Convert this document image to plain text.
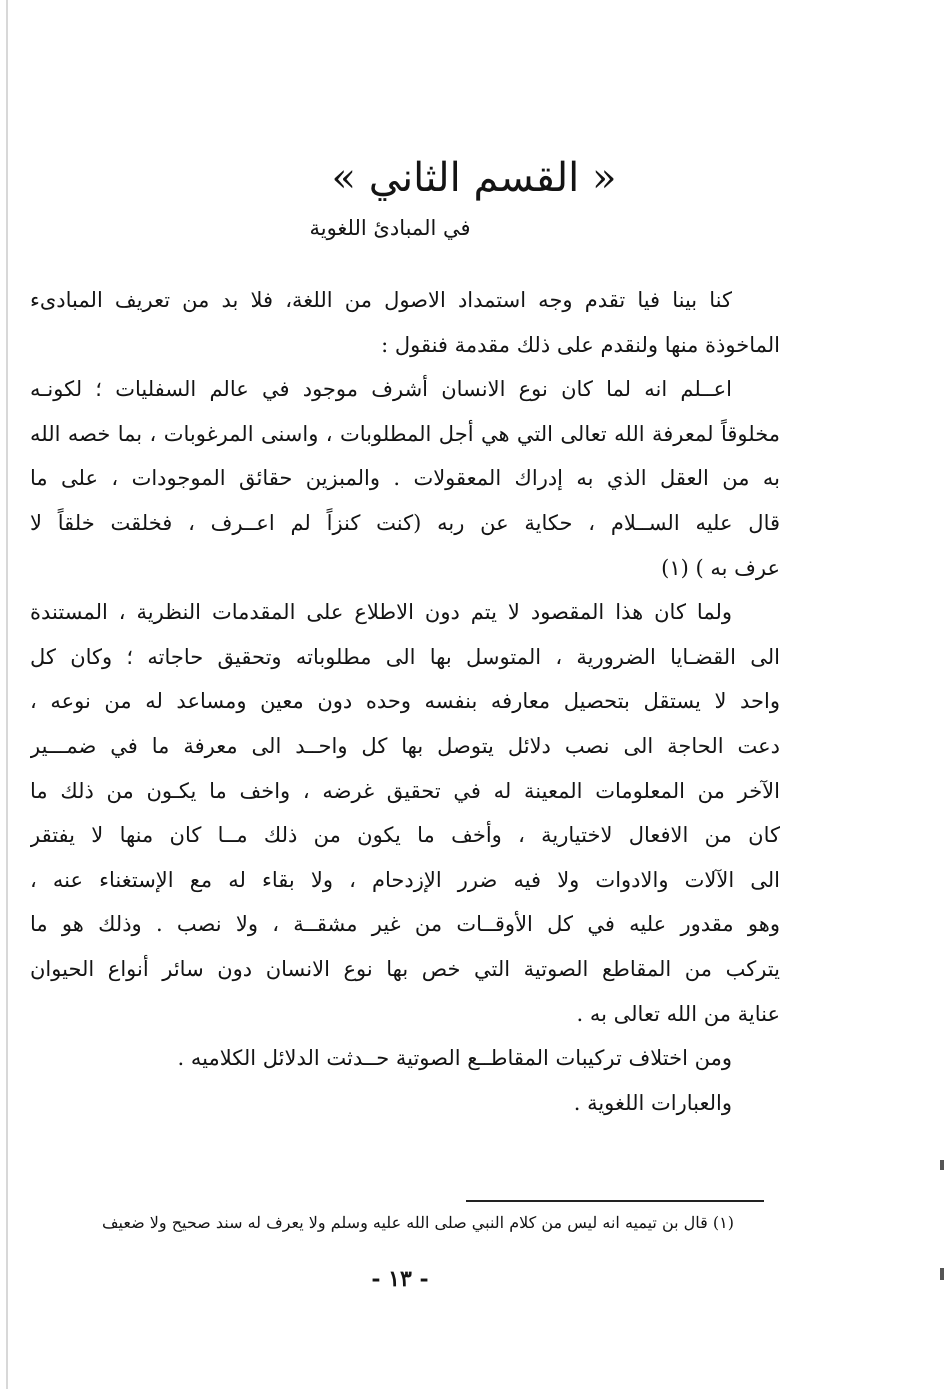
« القسم الثاني »
في المبادئ اللغوية
كنا بينا فيا تقدم وجه استمداد الاصول من اللغة، فلا بد من تعريف المبادىء
الماخوذة منها ولنقدم على ذلك مقدمة فنقول :
اعــلم انه لما كان نوع الانسان أشرف موجود في عالم السفليات ؛ لكونـه
مخلوقاً لمعرفة الله تعالى التي هي أجل المطلوبات ، واسنى المرغوبات ، بما خصه الله
به من العقل الذي به إدراك المعقولات . والمبزين حقائق الموجودات ، على ما
قال عليه الســلام ، حكاية عن ربه (كنت كنزاً لم اعــرف ، فخلقت خلقاً لا
عرف به ) (١)
ولما كان هذا المقصود لا يتم دون الاطلاع على المقدمات النظرية ، المستندة
الى القضـايا الضرورية ، المتوسل بها الى مطلوباته وتحقيق حاجاته ؛ وكان كل
واحد لا يستقل بتحصيل معارفه بنفسه وحده دون معين ومساعد له من نوعه ،
دعت الحاجة الى نصب دلائل يتوصل بها كل واحــد الى معرفة ما في ضمـــير
الآخر من المعلومات المعينة له في تحقيق غرضه ، واخف ما يكـون من ذلك ما
كان من الافعال لاختيارية ، وأخف ما يكون من ذلك مــا كان منها لا يفتقر
الى الآلات والادوات ولا فيه ضرر الإزدحام ، ولا بقاء له مع الإستغناء عنه ،
وهو مقدور عليه في كل الأوقــات من غير مشقــة ، ولا نصب . وذلك هو ما
يتركب من المقاطع الصوتية التي خص بها نوع الانسان دون سائر أنواع الحيوان
عناية من الله تعالى به .
ومن اختلاف تركيبات المقاطــع الصوتية حــدثت الدلائل الكلاميه .
والعبارات اللغوية .
(١) قال بن تيميه انه ليس من كلام النبي صلى الله عليه وسلم ولا يعرف له سند صحيح ولا ضعيف
- ١٣ -
